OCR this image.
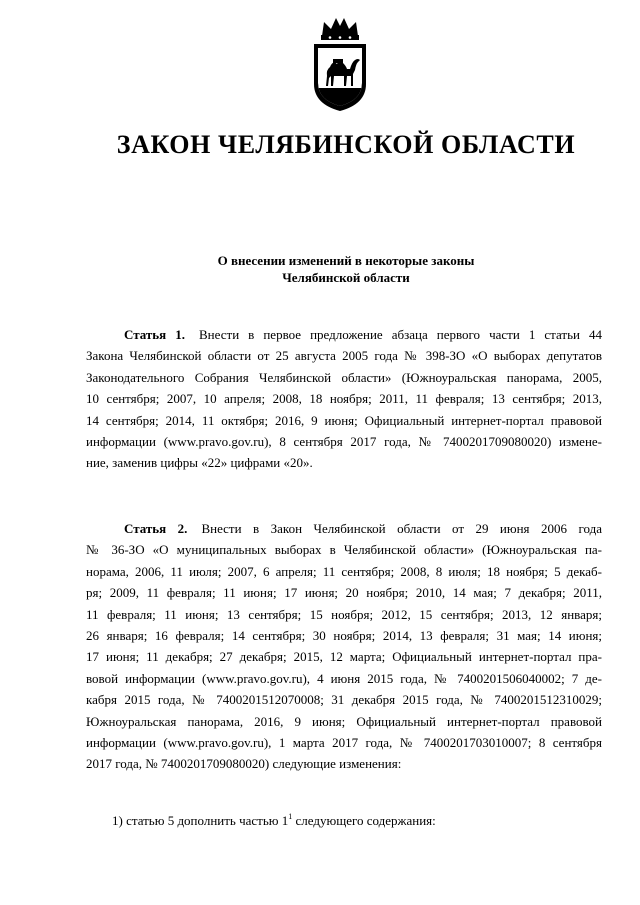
ЗАКОН ЧЕЛЯБИНСКОЙ ОБЛАСТИ
О внесении изменений в некоторые законы
Челябинской области
Статья 1. Внести в первое предложение абзаца первого части 1 статьи 44
Закона Челябинской области от 25 августа 2005 года № 398-ЗО «О выборах депутатов
Законодательного Собрания Челябинской области» (Южноуральская панорама, 2005,
10 сентября; 2007, 10 апреля; 2008, 18 ноября; 2011, 11 февраля; 13 сентября; 2013,
14 сентября; 2014, 11 октября; 2016, 9 июня; Официальный интернет-портал правовой
информации (www.pravo.gov.ru), 8 сентября 2017 года, № 7400201709080020) измене-
ние, заменив цифры «22» цифрами «20».
Статья 2. Внести в Закон Челябинской области от 29 июня 2006 года
№ 36-ЗО «О муниципальных выборах в Челябинской области» (Южноуральская па-
норама, 2006, 11 июля; 2007, 6 апреля; 11 сентября; 2008, 8 июля; 18 ноября; 5 декаб-
ря; 2009, 11 февраля; 11 июня; 17 июня; 20 ноября; 2010, 14 мая; 7 декабря; 2011,
11 февраля; 11 июня; 13 сентября; 15 ноября; 2012, 15 сентября; 2013, 12 января;
26 января; 16 февраля; 14 сентября; 30 ноября; 2014, 13 февраля; 31 мая; 14 июня;
17 июня; 11 декабря; 27 декабря; 2015, 12 марта; Официальный интернет-портал пра-
вовой информации (www.pravo.gov.ru), 4 июня 2015 года, № 7400201506040002; 7 де-
кабря 2015 года, № 7400201512070008; 31 декабря 2015 года, № 7400201512310029;
Южноуральская панорама, 2016, 9 июня; Официальный интернет-портал правовой
информации (www.pravo.gov.ru), 1 марта 2017 года, № 7400201703010007; 8 сентября
2017 года, № 7400201709080020) следующие изменения:
1) статью 5 дополнить частью $1^1$ следующего содержания:
